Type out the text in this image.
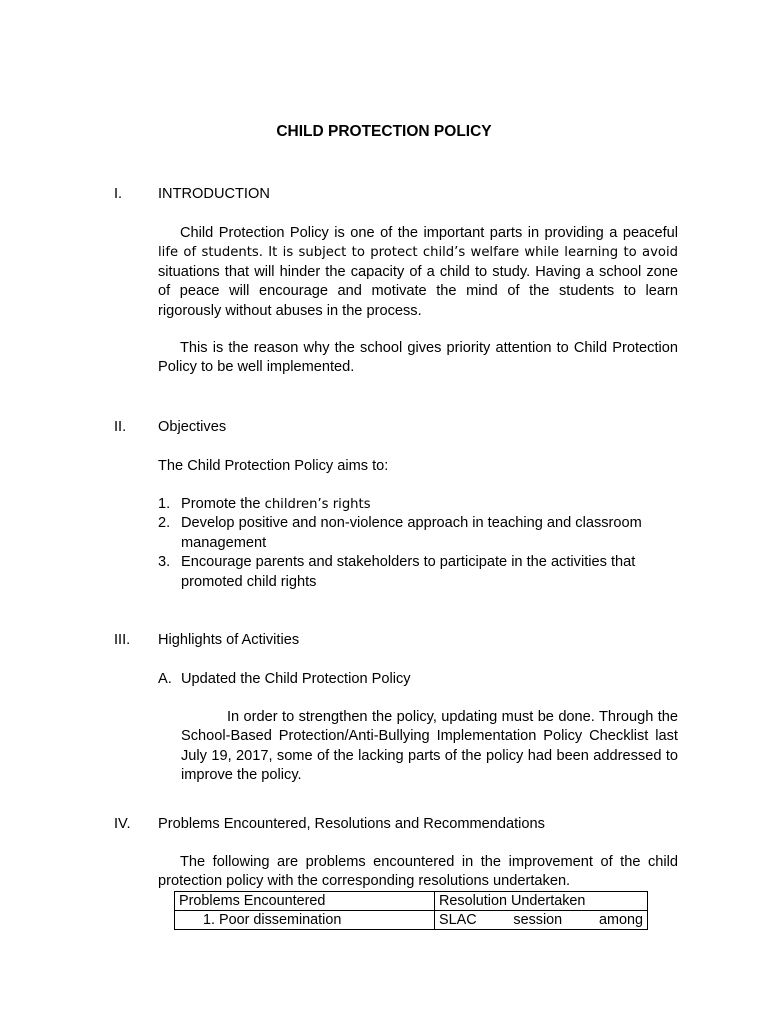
CHILD PROTECTION POLICY
I.	INTRODUCTION

Child Protection Policy is one of the important parts in providing a peaceful life of students. It is subject to protect child’s welfare while learning to avoid situations that will hinder the capacity of a child to study. Having a school zone of peace will encourage and motivate the mind of the students to learn rigorously without abuses in the process.

This is the reason why the school gives priority attention to Child Protection Policy to be well implemented.

II.	Objectives

The Child Protection Policy aims to:

1. Promote the children’s rights
2. Develop positive and non-violence approach in teaching and classroom management
3. Encourage parents and stakeholders to participate in the activities that promoted child rights
III.	Highlights of Activities
A. Updated the Child Protection Policy

In order to strengthen the policy, updating must be done. Through the School-Based Protection/Anti-Bullying Implementation Policy Checklist last July 19, 2017, some of the lacking parts of the policy had been addressed to improve the policy.

IV.	Problems Encountered, Resolutions and Recommendations

The following are problems encountered in the improvement of the child protection policy with the corresponding resolutions undertaken.

Problems Encountered	Resolution Undertaken
1. Poor dissemination	SLAC session among
